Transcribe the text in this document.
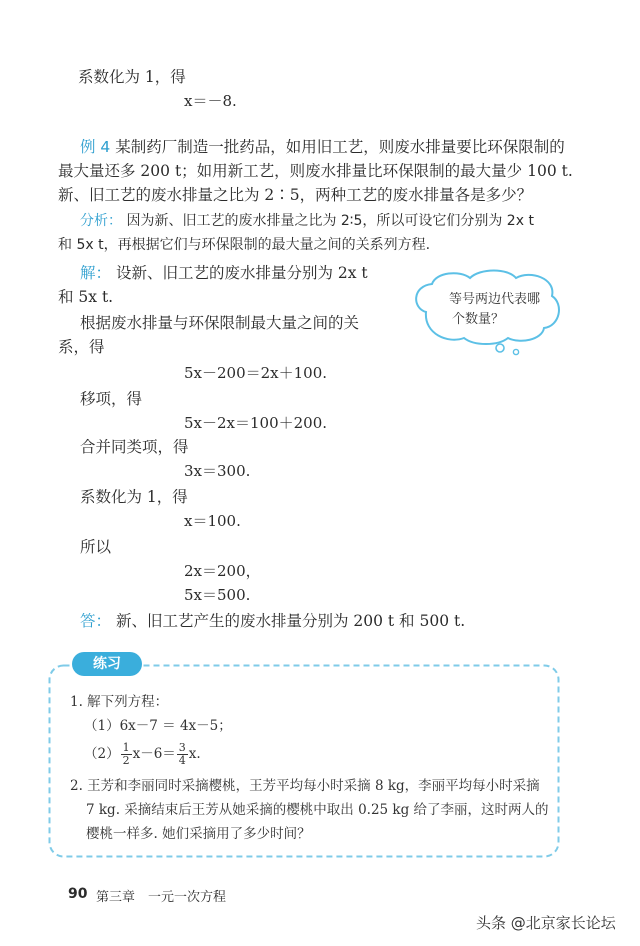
系数化为 1，得
x＝－8.
例 4 某制药厂制造一批药品，如用旧工艺，则废水排量要比环保限制的
最大量还多 200 t；如用新工艺，则废水排量比环保限制的最大量少 100 t.
新、旧工艺的废水排量之比为 2∶5，两种工艺的废水排量各是多少？
分析： 因为新、旧工艺的废水排量之比为 2∶5，所以可设它们分别为 2x t
和 5x t，再根据它们与环保限制的最大量之间的关系列方程.
解： 设新、旧工艺的废水排量分别为 2x t
和 5x t.
根据废水排量与环保限制最大量之间的关
系，得
5x－200＝2x＋100.
移项，得
5x－2x＝100＋200.
合并同类项，得
3x＝300.
系数化为 1，得
x＝100.
所以
2x＝200，
5x＝500.
答： 新、旧工艺产生的废水排量分别为 200 t 和 500 t.
等号两边代表哪
个数量？
练习
1. 解下列方程：
（1）6x－7 ＝ 4x－5；
$(2) \frac{1}{2} x-6= \frac{3}{4} x$.
2. 王芳和李丽同时采摘樱桃，王芳平均每小时采摘 8 kg，李丽平均每小时采摘
7 kg. 采摘结束后王芳从她采摘的樱桃中取出 0.25 kg 给了李丽，这时两人的
樱桃一样多. 她们采摘用了多少时间？
90 第三章　一元一次方程
头条 @北京家长论坛
